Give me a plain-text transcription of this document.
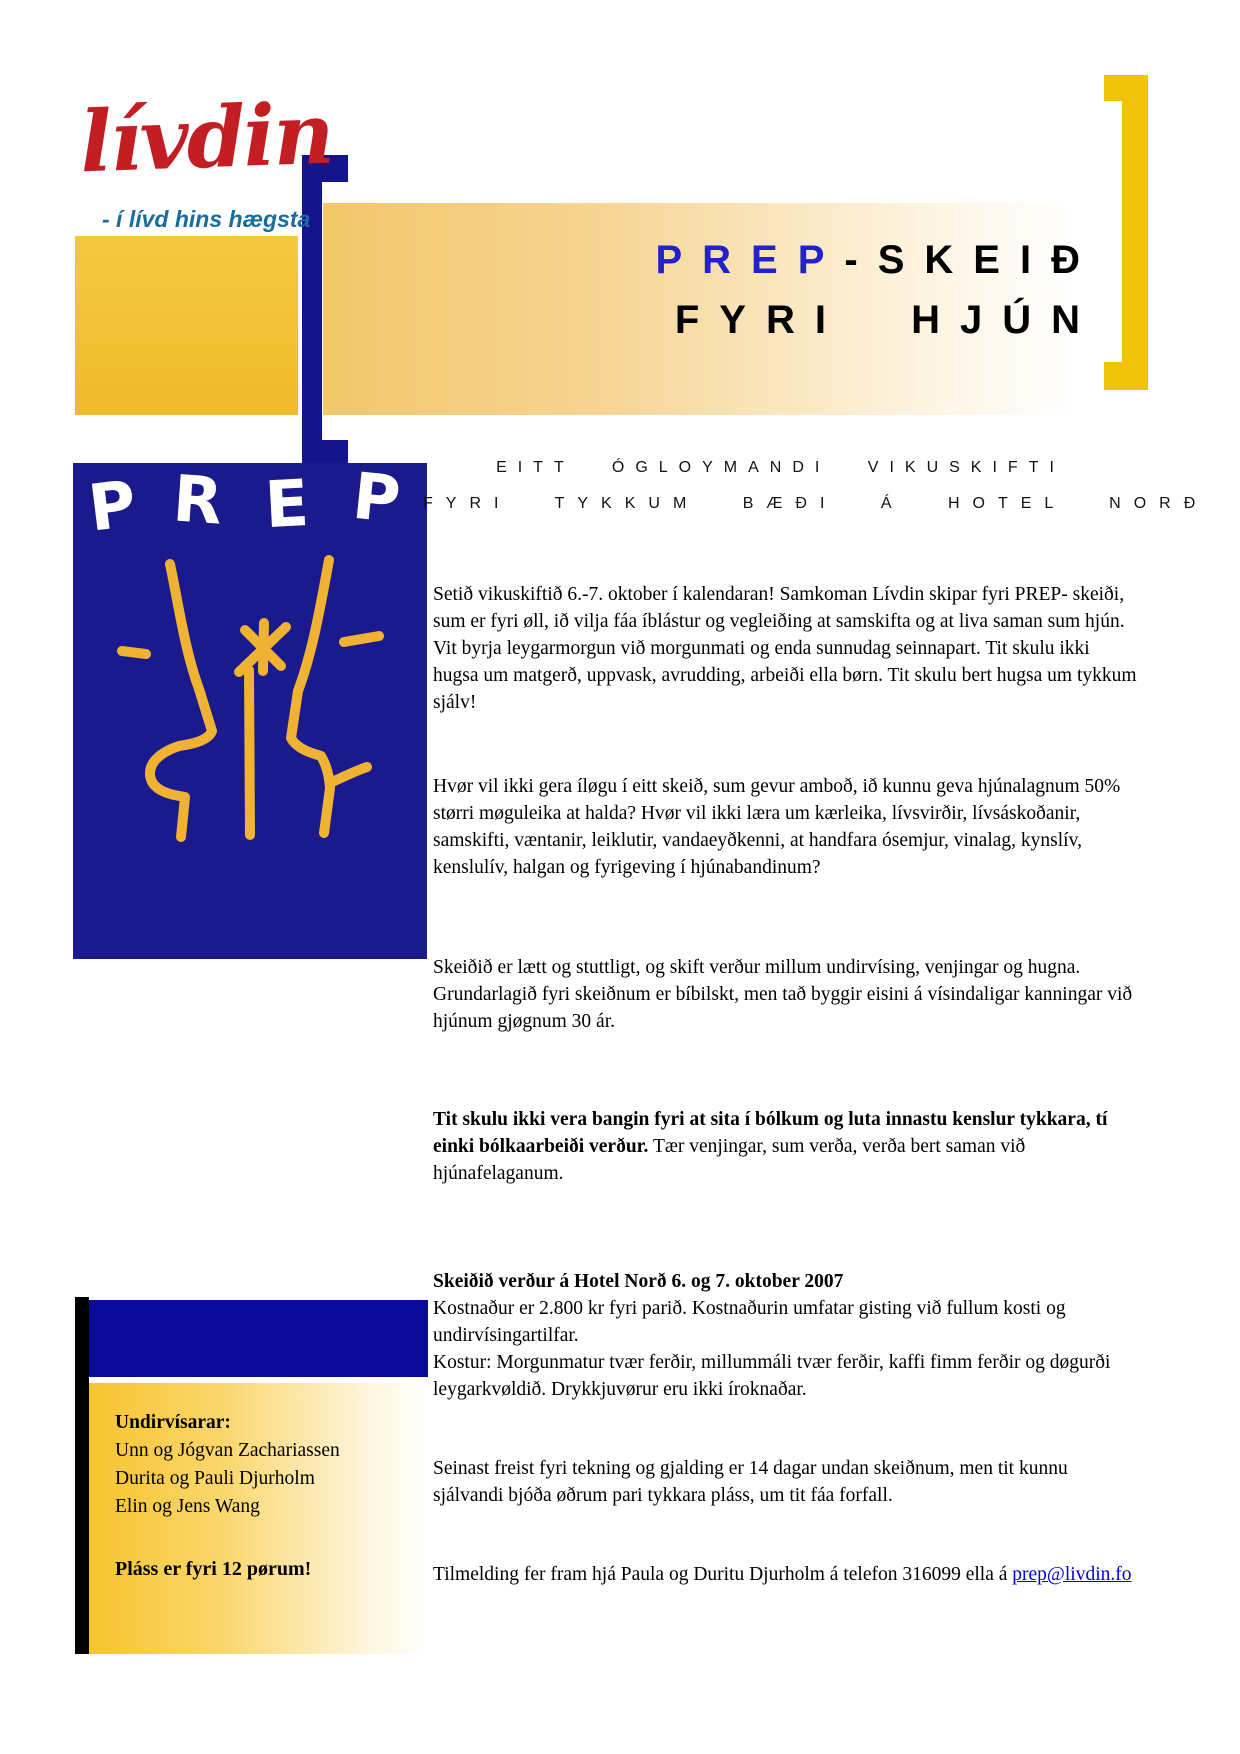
lívdin
- í lívd hins hægsta
PREP-SKEIÐ
FYRI HJÚN
P R E P	EITT ÓGLOYMANDI VIKUSKIFTI
FYRI TYKKUM BÆÐI Á HOTEL NORÐ
Setið vikuskiftið 6.-7. oktober í kalendaran! Samkoman Lívdin skipar fyri PREP- skeiði, sum er fyri øll, ið vilja fáa íblástur og vegleiðing at samskifta og at liva saman sum hjún. Vit byrja leygarmorgun við morgunmati og enda sunnudag seinnapart. Tit skulu ikki hugsa um matgerð, uppvask, avrudding, arbeiði ella børn. Tit skulu bert hugsa um tykkum sjálv!
Hvør vil ikki gera íløgu í eitt skeið, sum gevur amboð, ið kunnu geva hjúnalagnum 50% størri møguleika at halda? Hvør vil ikki læra um kærleika, lívsvirðir, lívsáskoðanir, samskifti, væntanir, leiklutir, vandaeyðkenni, at handfara ósemjur, vinalag, kynslív, kenslulív, halgan og fyrigeving í hjúnabandinum?
Skeiðið er lætt og stuttligt, og skift verður millum undirvísing, venjingar og hugna. Grundarlagið fyri skeiðnum er bíbilskt, men tað byggir eisini á vísindaligar kanningar við hjúnum gjøgnum 30 ár.
Tit skulu ikki vera bangin fyri at sita í bólkum og luta innastu kenslur tykkara, tí einki bólkaarbeiði verður. Tær venjingar, sum verða, verða bert saman við hjúnafelaganum.
Skeiðið verður á Hotel Norð 6. og 7. oktober 2007
Kostnaður er 2.800 kr fyri parið. Kostnaðurin umfatar gisting við fullum kosti og undirvísingartilfar.
Kostur: Morgunmatur tvær ferðir, millummáli tvær ferðir, kaffi fimm ferðir og døgurði leygarkvøldið. Drykkjuvørur eru ikki íroknaðar.
Seinast freist fyri tekning og gjalding er 14 dagar undan skeiðnum, men tit kunnu sjálvandi bjóða øðrum pari tykkara pláss, um tit fáa forfall.
Tilmelding fer fram hjá Paula og Duritu Djurholm á telefon 316099 ella á prep@livdin.fo
Undirvísarar:
Unn og Jógvan Zachariassen
Durita og Pauli Djurholm
Elin og Jens Wang
Pláss er fyri 12 pørum!
